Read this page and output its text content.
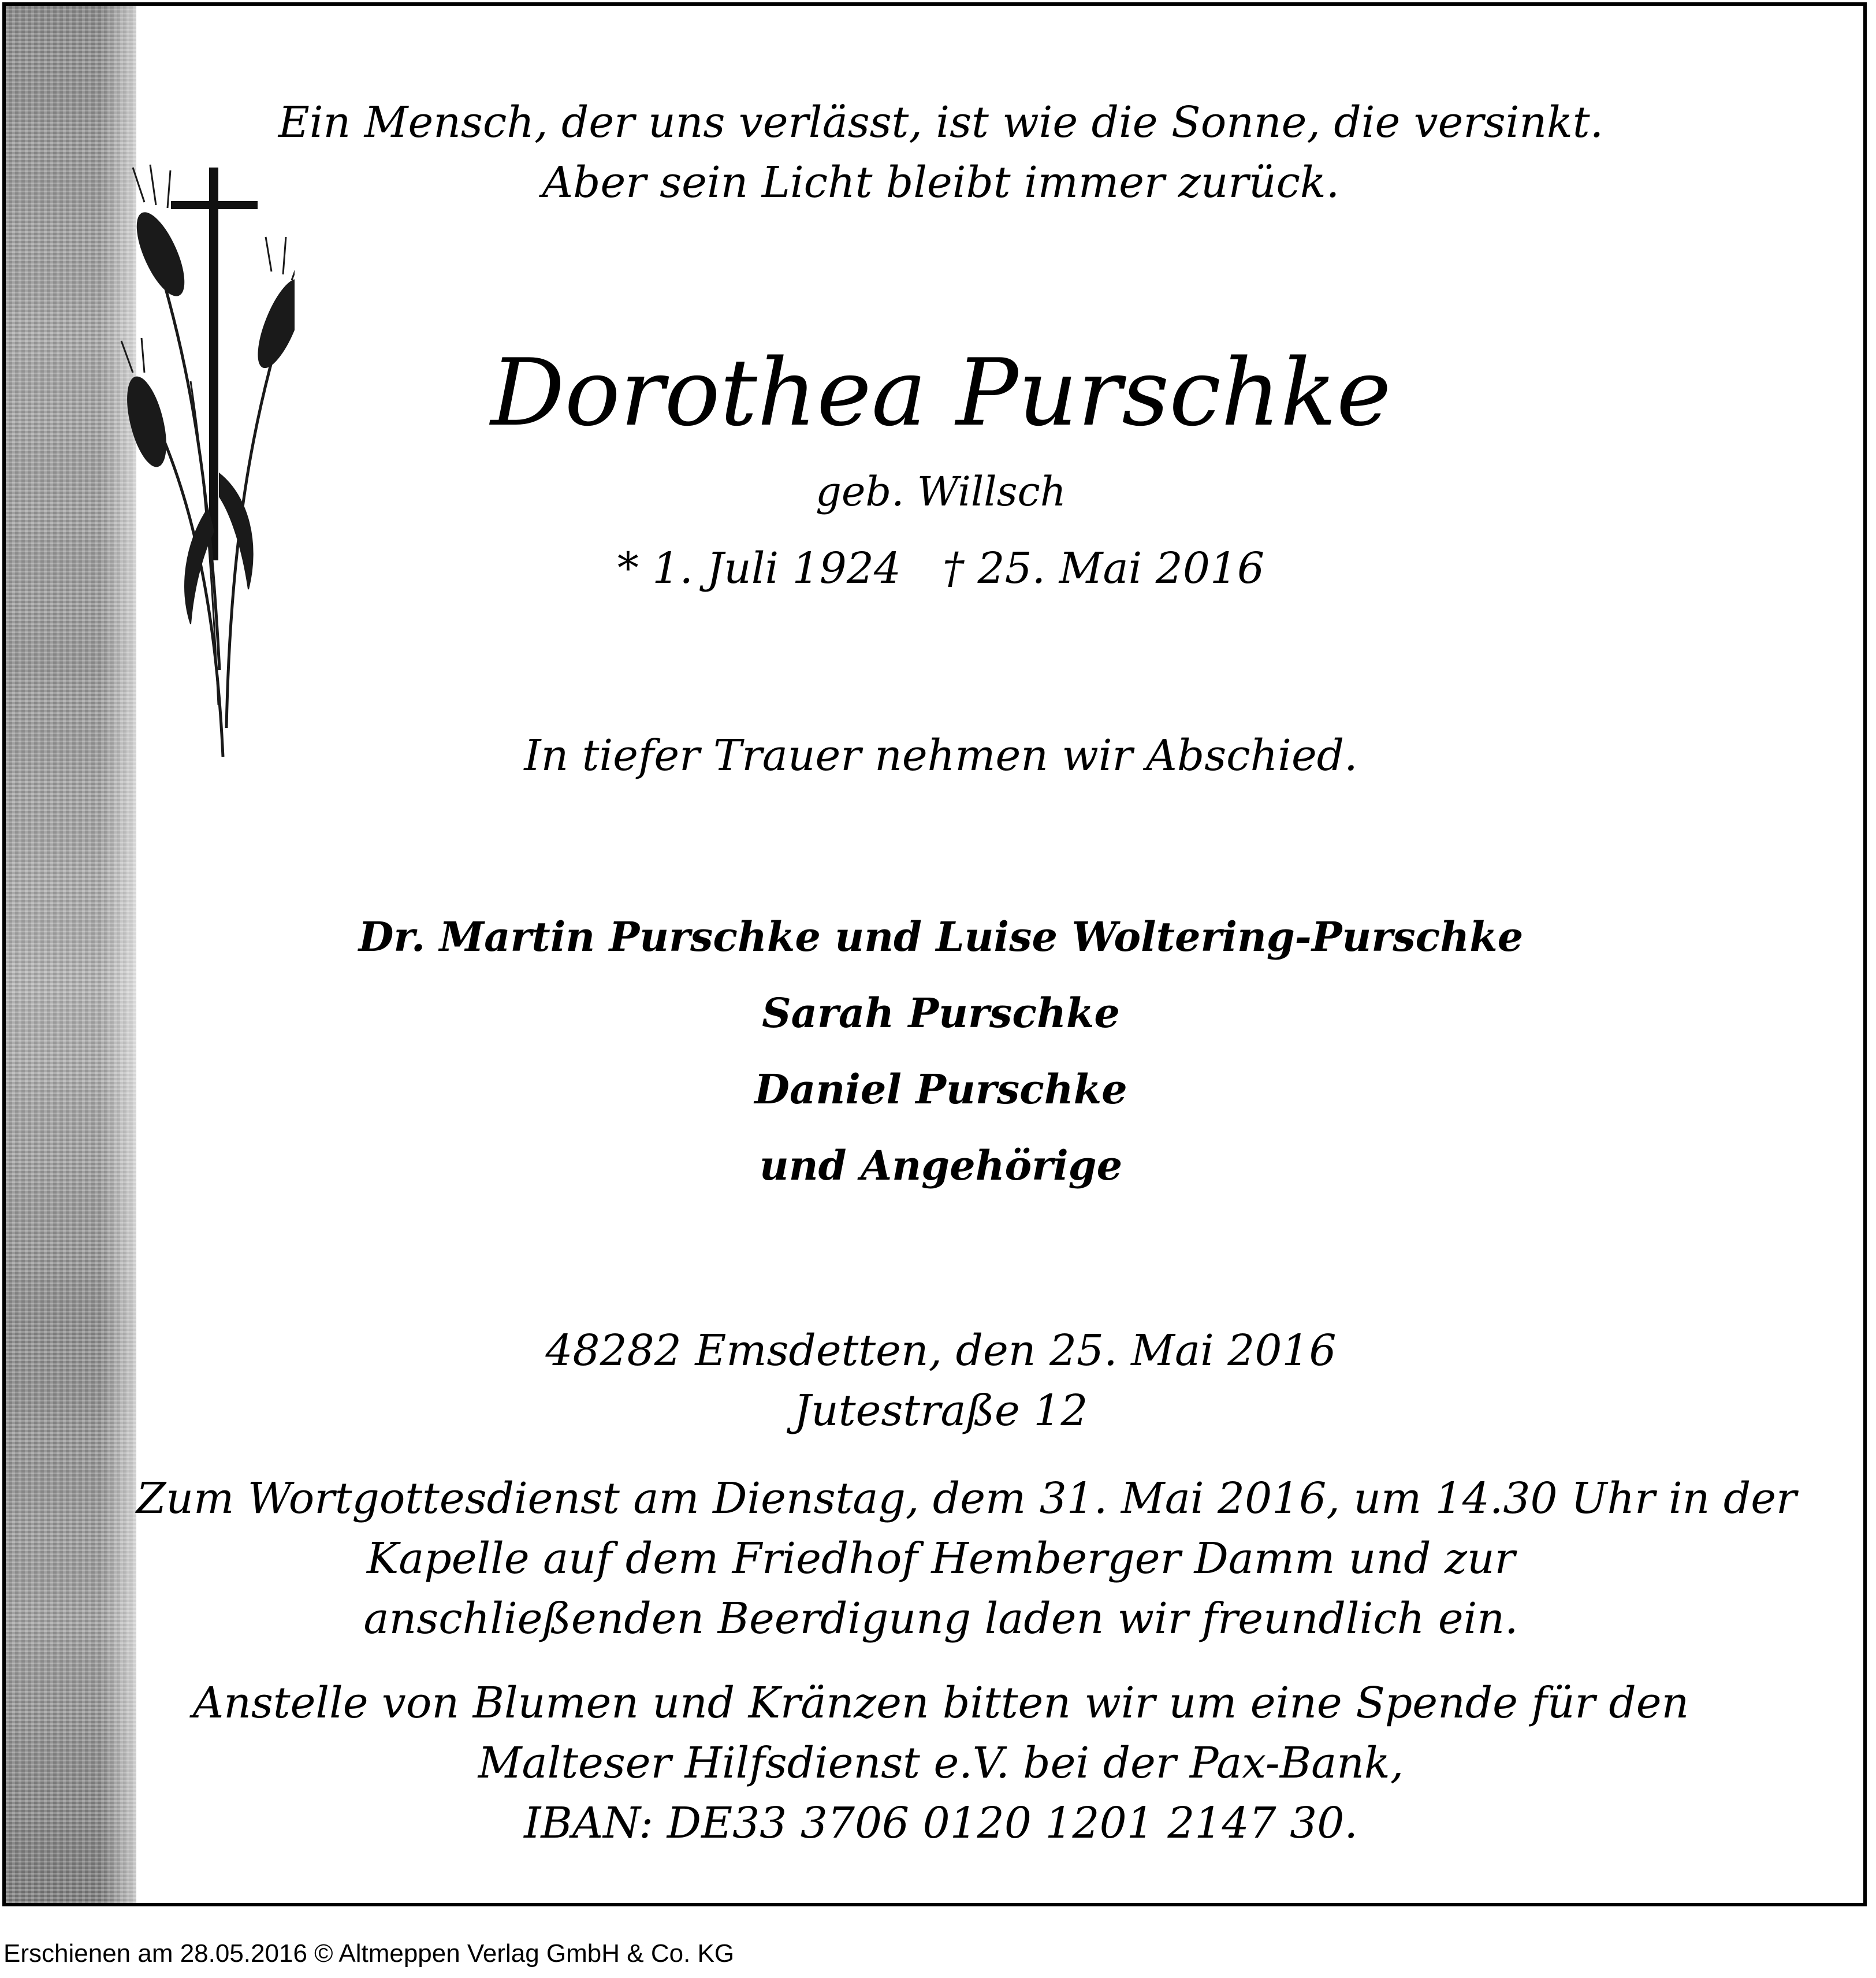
Ein Mensch, der uns verlässt, ist wie die Sonne, die versinkt.
Aber sein Licht bleibt immer zurück.
Dorothea Purschke
geb. Willsch
* 1. Juli 1924 † 25. Mai 2016
In tiefer Trauer nehmen wir Abschied.
Dr. Martin Purschke und Luise Woltering-Purschke
Sarah Purschke
Daniel Purschke
und Angehörige
48282 Emsdetten, den 25. Mai 2016
Jutestraße 12
Zum Wortgottesdienst am Dienstag, dem 31. Mai 2016, um 14.30 Uhr in der
Kapelle auf dem Friedhof Hemberger Damm und zur
anschließenden Beerdigung laden wir freundlich ein.
Anstelle von Blumen und Kränzen bitten wir um eine Spende für den
Malteser Hilfsdienst e.V. bei der Pax-Bank,
IBAN: DE33 3706 0120 1201 2147 30.
Erschienen am 28.05.2016 © Altmeppen Verlag GmbH & Co. KG
